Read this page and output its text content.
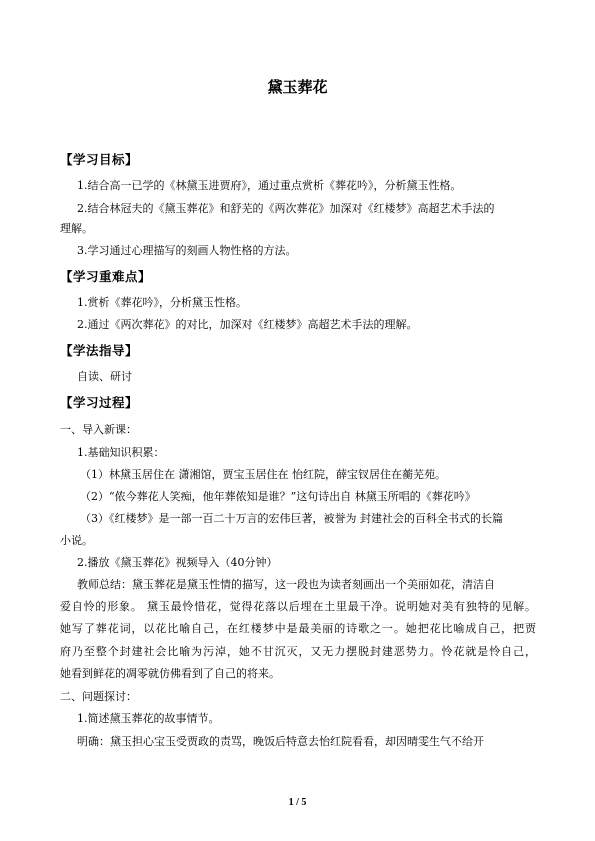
黛玉葬花
【学习目标】
1.结合高一已学的《林黛玉进贾府》，通过重点赏析《葬花吟》，分析黛玉性格。
2.结合林冠夫的《黛玉葬花》和舒芜的《两次葬花》加深对《红楼梦》高超艺术手法的
理解。
3.学习通过心理描写的刻画人物性格的方法。
【学习重难点】
1.赏析《葬花吟》，分析黛玉性格。
2.通过《两次葬花》的对比，加深对《红楼梦》高超艺术手法的理解。
【学法指导】
自读、研讨
【学习过程】
一、导入新课：
1.基础知识积累：
（1）林黛玉居住在 潇湘馆，贾宝玉居住在 怡红院，薛宝钗居住在蘅芜苑。
（2）“侬今葬花人笑痴，他年葬侬知是谁？”这句诗出自 林黛玉所唱的《葬花吟》
（3）《红楼梦》是一部一百二十万言的宏伟巨著，被誉为 封建社会的百科全书式的长篇
小说。
2.播放《黛玉葬花》视频导入（40分钟）
教师总结：黛玉葬花是黛玉性情的描写，这一段也为读者刻画出一个美丽如花，清洁自
爱自怜的形象。 黛玉最怜惜花，觉得花落以后埋在土里最干净。说明她对美有独特的见解。
她写了葬花词，以花比喻自己，在红楼梦中是最美丽的诗歌之一。她把花比喻成自己，把贾
府乃至整个封建社会比喻为污淖，她不甘沉灭，又无力摆脱封建恶势力。怜花就是怜自己，
她看到鲜花的凋零就仿佛看到了自己的将来。
二、问题探讨：
1.简述黛玉葬花的故事情节。
明确：黛玉担心宝玉受贾政的责骂，晚饭后特意去怡红院看看，却因晴雯生气不给开
1 / 5
